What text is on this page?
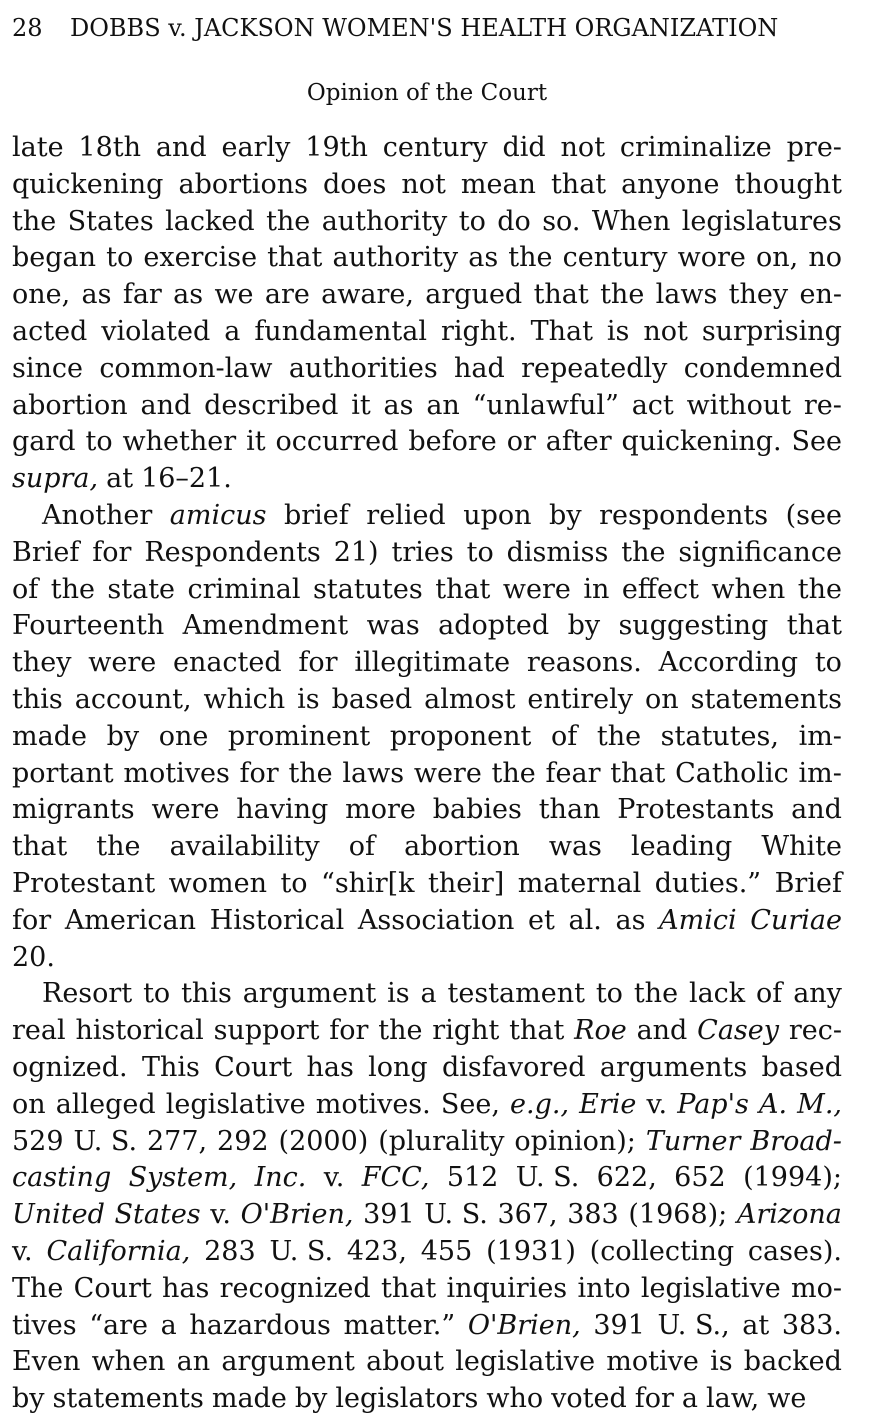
28 DOBBS v. JACKSON WOMEN'S HEALTH ORGANIZATION
Opinion of the Court
late 18th and early 19th century did not criminalize pre-
quickening abortions does not mean that anyone thought
the States lacked the authority to do so. When legislatures
began to exercise that authority as the century wore on, no
one, as far as we are aware, argued that the laws they en-
acted violated a fundamental right. That is not surprising
since common-law authorities had repeatedly condemned
abortion and described it as an “unlawful” act without re-
gard to whether it occurred before or after quickening. See
supra, at 16–21.
Another amicus brief relied upon by respondents (see
Brief for Respondents 21) tries to dismiss the significance
of the state criminal statutes that were in effect when the
Fourteenth Amendment was adopted by suggesting that
they were enacted for illegitimate reasons. According to
this account, which is based almost entirely on statements
made by one prominent proponent of the statutes, im-
portant motives for the laws were the fear that Catholic im-
migrants were having more babies than Protestants and
that the availability of abortion was leading White
Protestant women to “shir[k their] maternal duties.” Brief
for American Historical Association et al. as Amici Curiae
20.
Resort to this argument is a testament to the lack of any
real historical support for the right that Roe and Casey rec-
ognized. This Court has long disfavored arguments based
on alleged legislative motives. See, e.g., Erie v. Pap's A. M.,
529 U. S. 277, 292 (2000) (plurality opinion); Turner Broad-
casting System, Inc. v. FCC, 512 U. S. 622, 652 (1994);
United States v. O'Brien, 391 U. S. 367, 383 (1968); Arizona
v. California, 283 U. S. 423, 455 (1931) (collecting cases).
The Court has recognized that inquiries into legislative mo-
tives “are a hazardous matter.” O'Brien, 391 U. S., at 383.
Even when an argument about legislative motive is backed
by statements made by legislators who voted for a law, we
